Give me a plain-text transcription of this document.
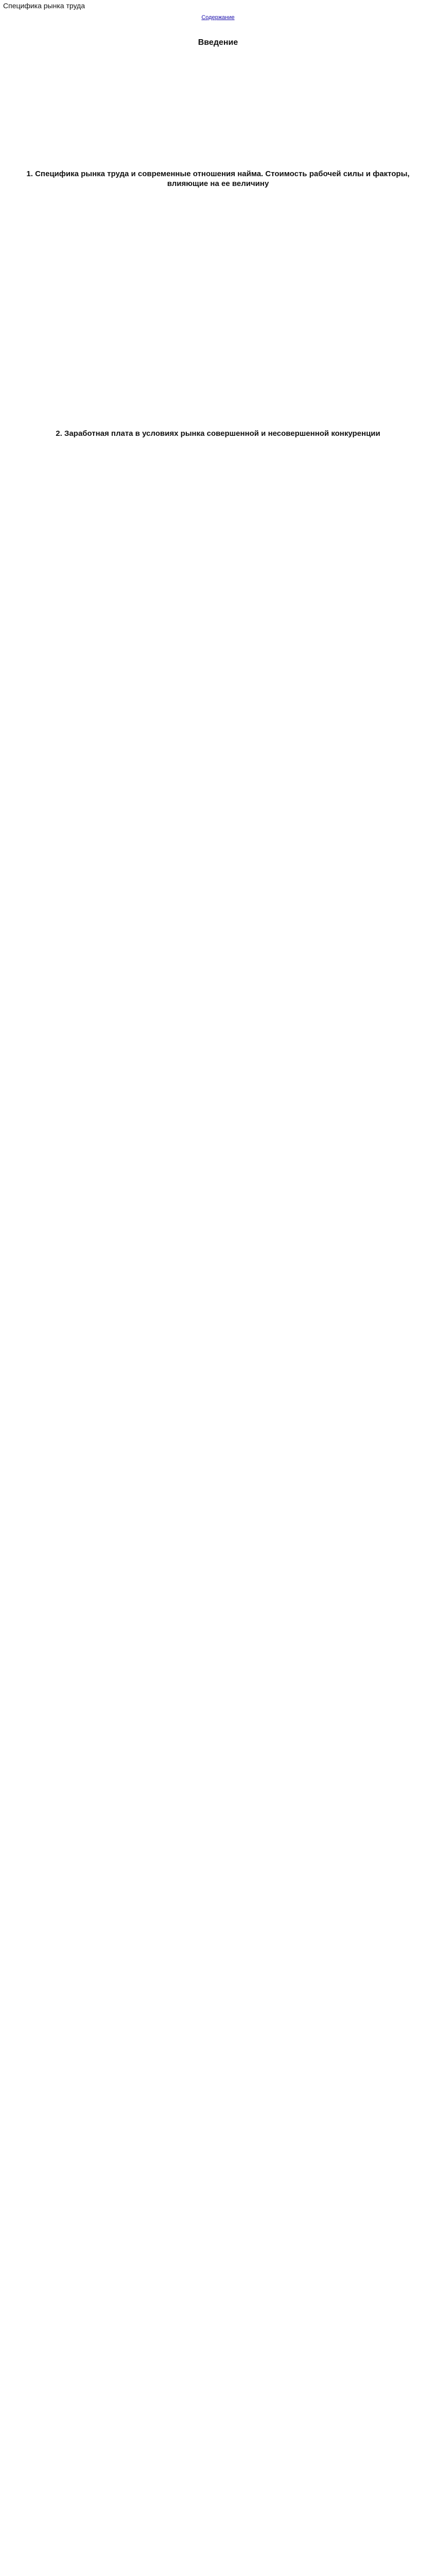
Специфика рынка труда
Содержание
Введение

1. Специфика рынка труда и современные отношения найма. Стоимость рабочей силы и факторы, влияющие на ее величину

2. Заработная плата в условиях рынка совершенной и несовершенной конкуренции
